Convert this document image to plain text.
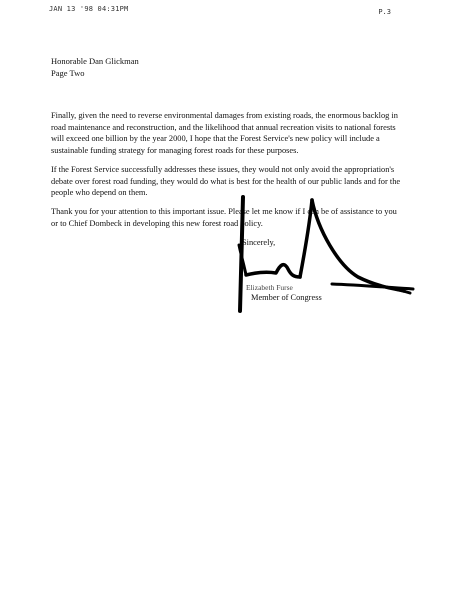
JAN 13 '98 04:31PM	P.3
Honorable Dan Glickman
Page Two

Finally, given the need to reverse environmental damages from existing roads, the enormous backlog in road maintenance and reconstruction, and the likelihood that annual recreation visits to national forests will exceed one billion by the year 2000, I hope that the Forest Service's new policy will include a sustainable funding strategy for managing forest roads for these purposes.

If the Forest Service successfully addresses these issues, they would not only avoid the appropriation's debate over forest road funding, they would do what is best for the health of our public lands and for the people who depend on them.

Thank you for your attention to this important issue. Please let me know if I can be of assistance to you or to Chief Dombeck in developing this new forest road policy.

Sincerely,
Elizabeth Furse
Member of Congress
